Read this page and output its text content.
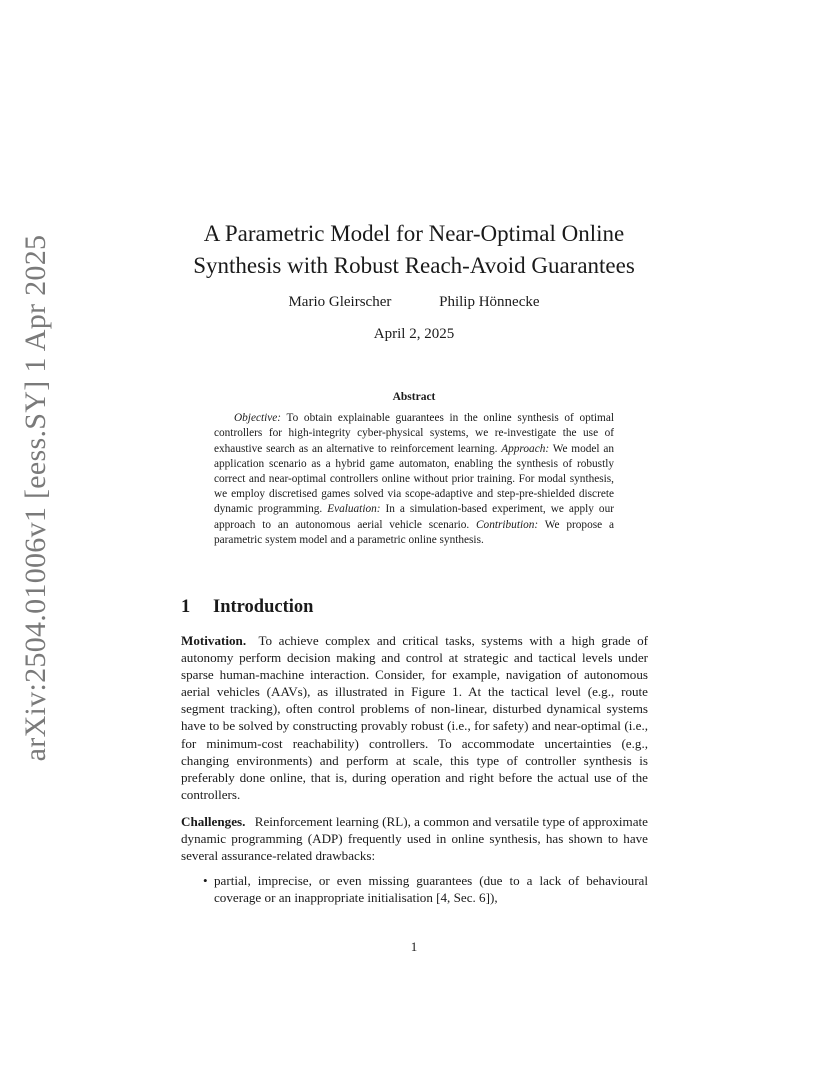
arXiv:2504.01006v1 [eess.SY] 1 Apr 2025
A Parametric Model for Near-Optimal Online
Synthesis with Robust Reach-Avoid Guarantees
Mario Gleirscher	Philip Hönnecke
April 2, 2025
Abstract

Objective: To obtain explainable guarantees in the online synthesis of optimal controllers for high-integrity cyber-physical systems, we re-investigate the use of exhaustive search as an alternative to reinforcement learning. Approach: We model an application scenario as a hybrid game automaton, enabling the synthesis of robustly correct and near-optimal controllers online without prior training. For modal synthesis, we employ discretised games solved via scope-adaptive and step-pre-shielded discrete dynamic programming. Evaluation: In a simulation-based experiment, we apply our approach to an autonomous aerial vehicle scenario. Contribution: We propose a parametric system model and a parametric online synthesis.

1 Introduction

Motivation. To achieve complex and critical tasks, systems with a high grade of autonomy perform decision making and control at strategic and tactical levels under sparse human-machine interaction. Consider, for example, navigation of autonomous aerial vehicles (AAVs), as illustrated in Figure 1. At the tactical level (e.g., route segment tracking), often control problems of non-linear, disturbed dynamical systems have to be solved by constructing provably robust (i.e., for safety) and near-optimal (i.e., for minimum-cost reachability) controllers. To accommodate uncertainties (e.g., changing environments) and perform at scale, this type of controller synthesis is preferably done online, that is, during operation and right before the actual use of the controllers.

Challenges. Reinforcement learning (RL), a common and versatile type of approximate dynamic programming (ADP) frequently used in online synthesis, has shown to have several assurance-related drawbacks:

• partial, imprecise, or even missing guarantees (due to a lack of behavioural coverage or an inappropriate initialisation [4, Sec. 6]),
1
